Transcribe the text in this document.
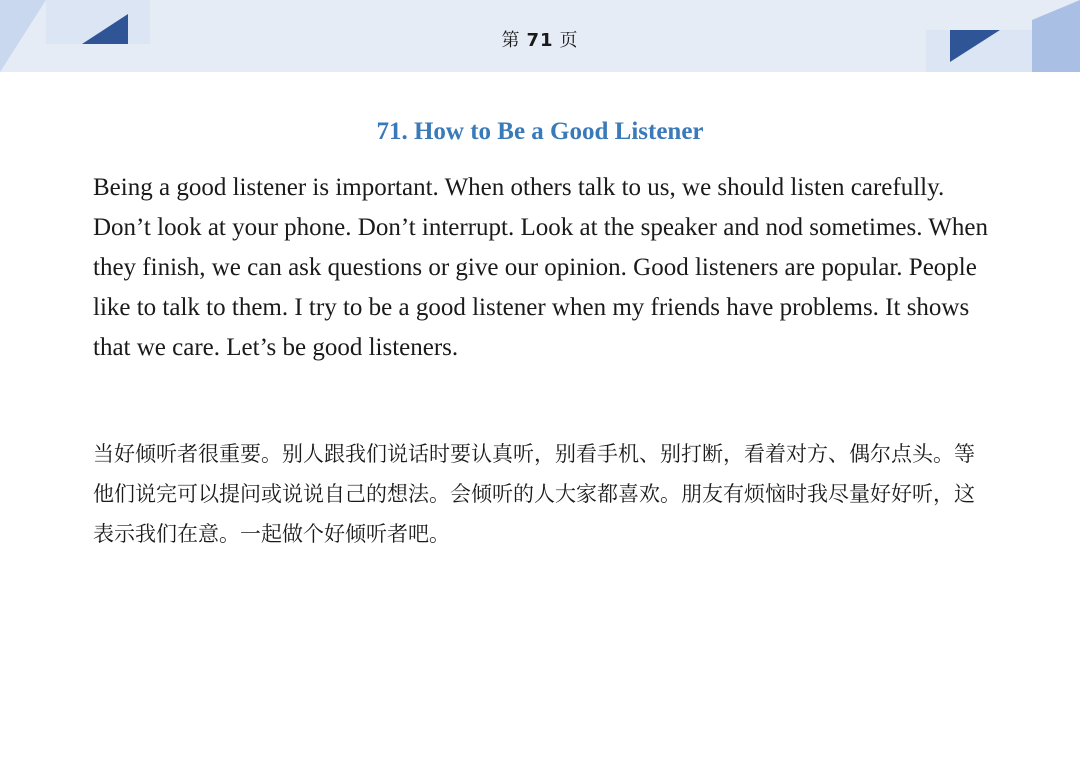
第 71 页
71. How to Be a Good Listener

Being a good listener is important. When others talk to us, we should listen carefully. Don’t look at your phone. Don’t interrupt. Look at the speaker and nod sometimes. When they finish, we can ask questions or give our opinion. Good listeners are popular. People like to talk to them. I try to be a good listener when my friends have problems. It shows that we care. Let’s be good listeners.

当好倾听者很重要。别人跟我们说话时要认真听，别看手机、别打断，看着对方、偶尔点头。等他们说完可以提问或说说自己的想法。会倾听的人大家都喜欢。朋友有烦恼时我尽量好好听，这表示我们在意。一起做个好倾听者吧。
